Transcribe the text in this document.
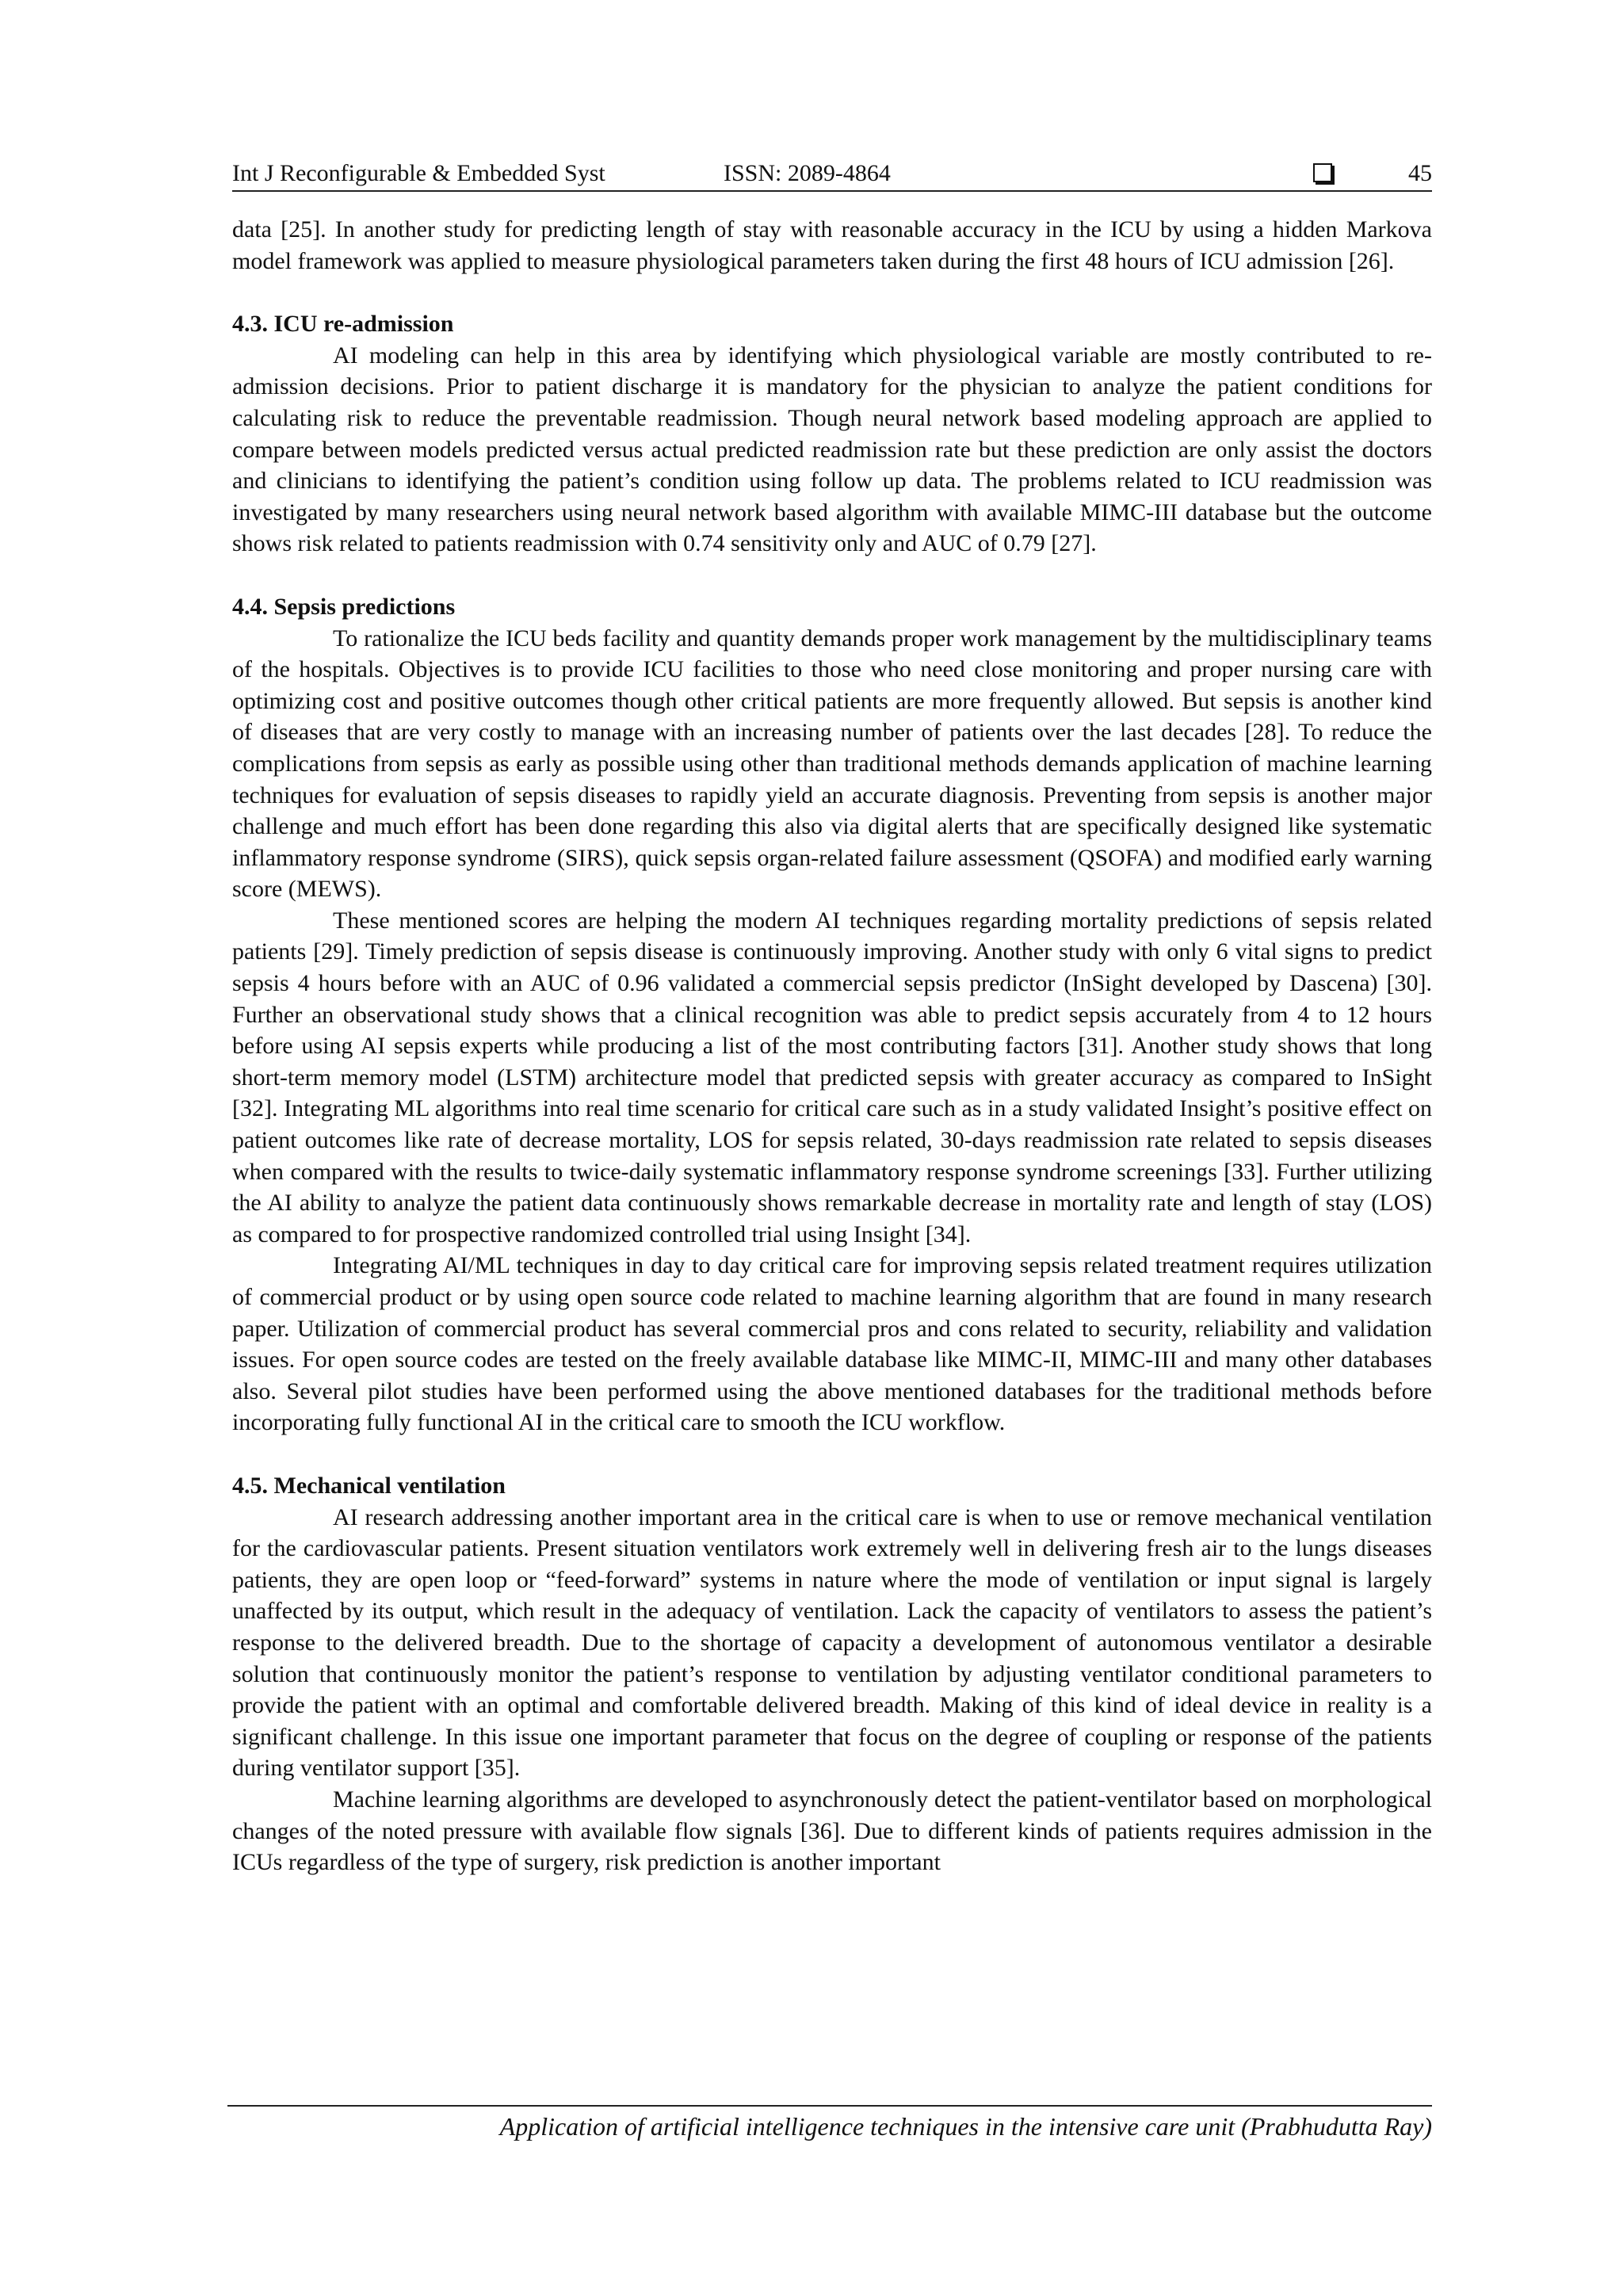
Int J Reconfigurable & Embedded Syst	ISSN: 2089-4864	45

data [25]. In another study for predicting length of stay with reasonable accuracy in the ICU by using a hidden Markova model framework was applied to measure physiological parameters taken during the first 48 hours of ICU admission [26].

4.3. ICU re-admission

AI modeling can help in this area by identifying which physiological variable are mostly contributed to re-admission decisions. Prior to patient discharge it is mandatory for the physician to analyze the patient conditions for calculating risk to reduce the preventable readmission. Though neural network based modeling approach are applied to compare between models predicted versus actual predicted readmission rate but these prediction are only assist the doctors and clinicians to identifying the patient’s condition using follow up data. The problems related to ICU readmission was investigated by many researchers using neural network based algorithm with available MIMC-III database but the outcome shows risk related to patients readmission with 0.74 sensitivity only and AUC of 0.79 [27].

4.4. Sepsis predictions

To rationalize the ICU beds facility and quantity demands proper work management by the multidisciplinary teams of the hospitals. Objectives is to provide ICU facilities to those who need close monitoring and proper nursing care with optimizing cost and positive outcomes though other critical patients are more frequently allowed. But sepsis is another kind of diseases that are very costly to manage with an increasing number of patients over the last decades [28]. To reduce the complications from sepsis as early as possible using other than traditional methods demands application of machine learning techniques for evaluation of sepsis diseases to rapidly yield an accurate diagnosis. Preventing from sepsis is another major challenge and much effort has been done regarding this also via digital alerts that are specifically designed like systematic inflammatory response syndrome (SIRS), quick sepsis organ-related failure assessment (QSOFA) and modified early warning score (MEWS).

These mentioned scores are helping the modern AI techniques regarding mortality predictions of sepsis related patients [29]. Timely prediction of sepsis disease is continuously improving. Another study with only 6 vital signs to predict sepsis 4 hours before with an AUC of 0.96 validated a commercial sepsis predictor (InSight developed by Dascena) [30]. Further an observational study shows that a clinical recognition was able to predict sepsis accurately from 4 to 12 hours before using AI sepsis experts while producing a list of the most contributing factors [31]. Another study shows that long short-term memory model (LSTM) architecture model that predicted sepsis with greater accuracy as compared to InSight [32]. Integrating ML algorithms into real time scenario for critical care such as in a study validated Insight’s positive effect on patient outcomes like rate of decrease mortality, LOS for sepsis related, 30-days readmission rate related to sepsis diseases when compared with the results to twice-daily systematic inflammatory response syndrome screenings [33]. Further utilizing the AI ability to analyze the patient data continuously shows remarkable decrease in mortality rate and length of stay (LOS) as compared to for prospective randomized controlled trial using Insight [34].

Integrating AI/ML techniques in day to day critical care for improving sepsis related treatment requires utilization of commercial product or by using open source code related to machine learning algorithm that are found in many research paper. Utilization of commercial product has several commercial pros and cons related to security, reliability and validation issues. For open source codes are tested on the freely available database like MIMC-II, MIMC-III and many other databases also. Several pilot studies have been performed using the above mentioned databases for the traditional methods before incorporating fully functional AI in the critical care to smooth the ICU workflow.

4.5. Mechanical ventilation

AI research addressing another important area in the critical care is when to use or remove mechanical ventilation for the cardiovascular patients. Present situation ventilators work extremely well in delivering fresh air to the lungs diseases patients, they are open loop or “feed-forward” systems in nature where the mode of ventilation or input signal is largely unaffected by its output, which result in the adequacy of ventilation. Lack the capacity of ventilators to assess the patient’s response to the delivered breadth. Due to the shortage of capacity a development of autonomous ventilator a desirable solution that continuously monitor the patient’s response to ventilation by adjusting ventilator conditional parameters to provide the patient with an optimal and comfortable delivered breadth. Making of this kind of ideal device in reality is a significant challenge. In this issue one important parameter that focus on the degree of coupling or response of the patients during ventilator support [35].

Machine learning algorithms are developed to asynchronously detect the patient-ventilator based on morphological changes of the noted pressure with available flow signals [36]. Due to different kinds of patients requires admission in the ICUs regardless of the type of surgery, risk prediction is another important

Application of artificial intelligence techniques in the intensive care unit (Prabhudutta Ray)
